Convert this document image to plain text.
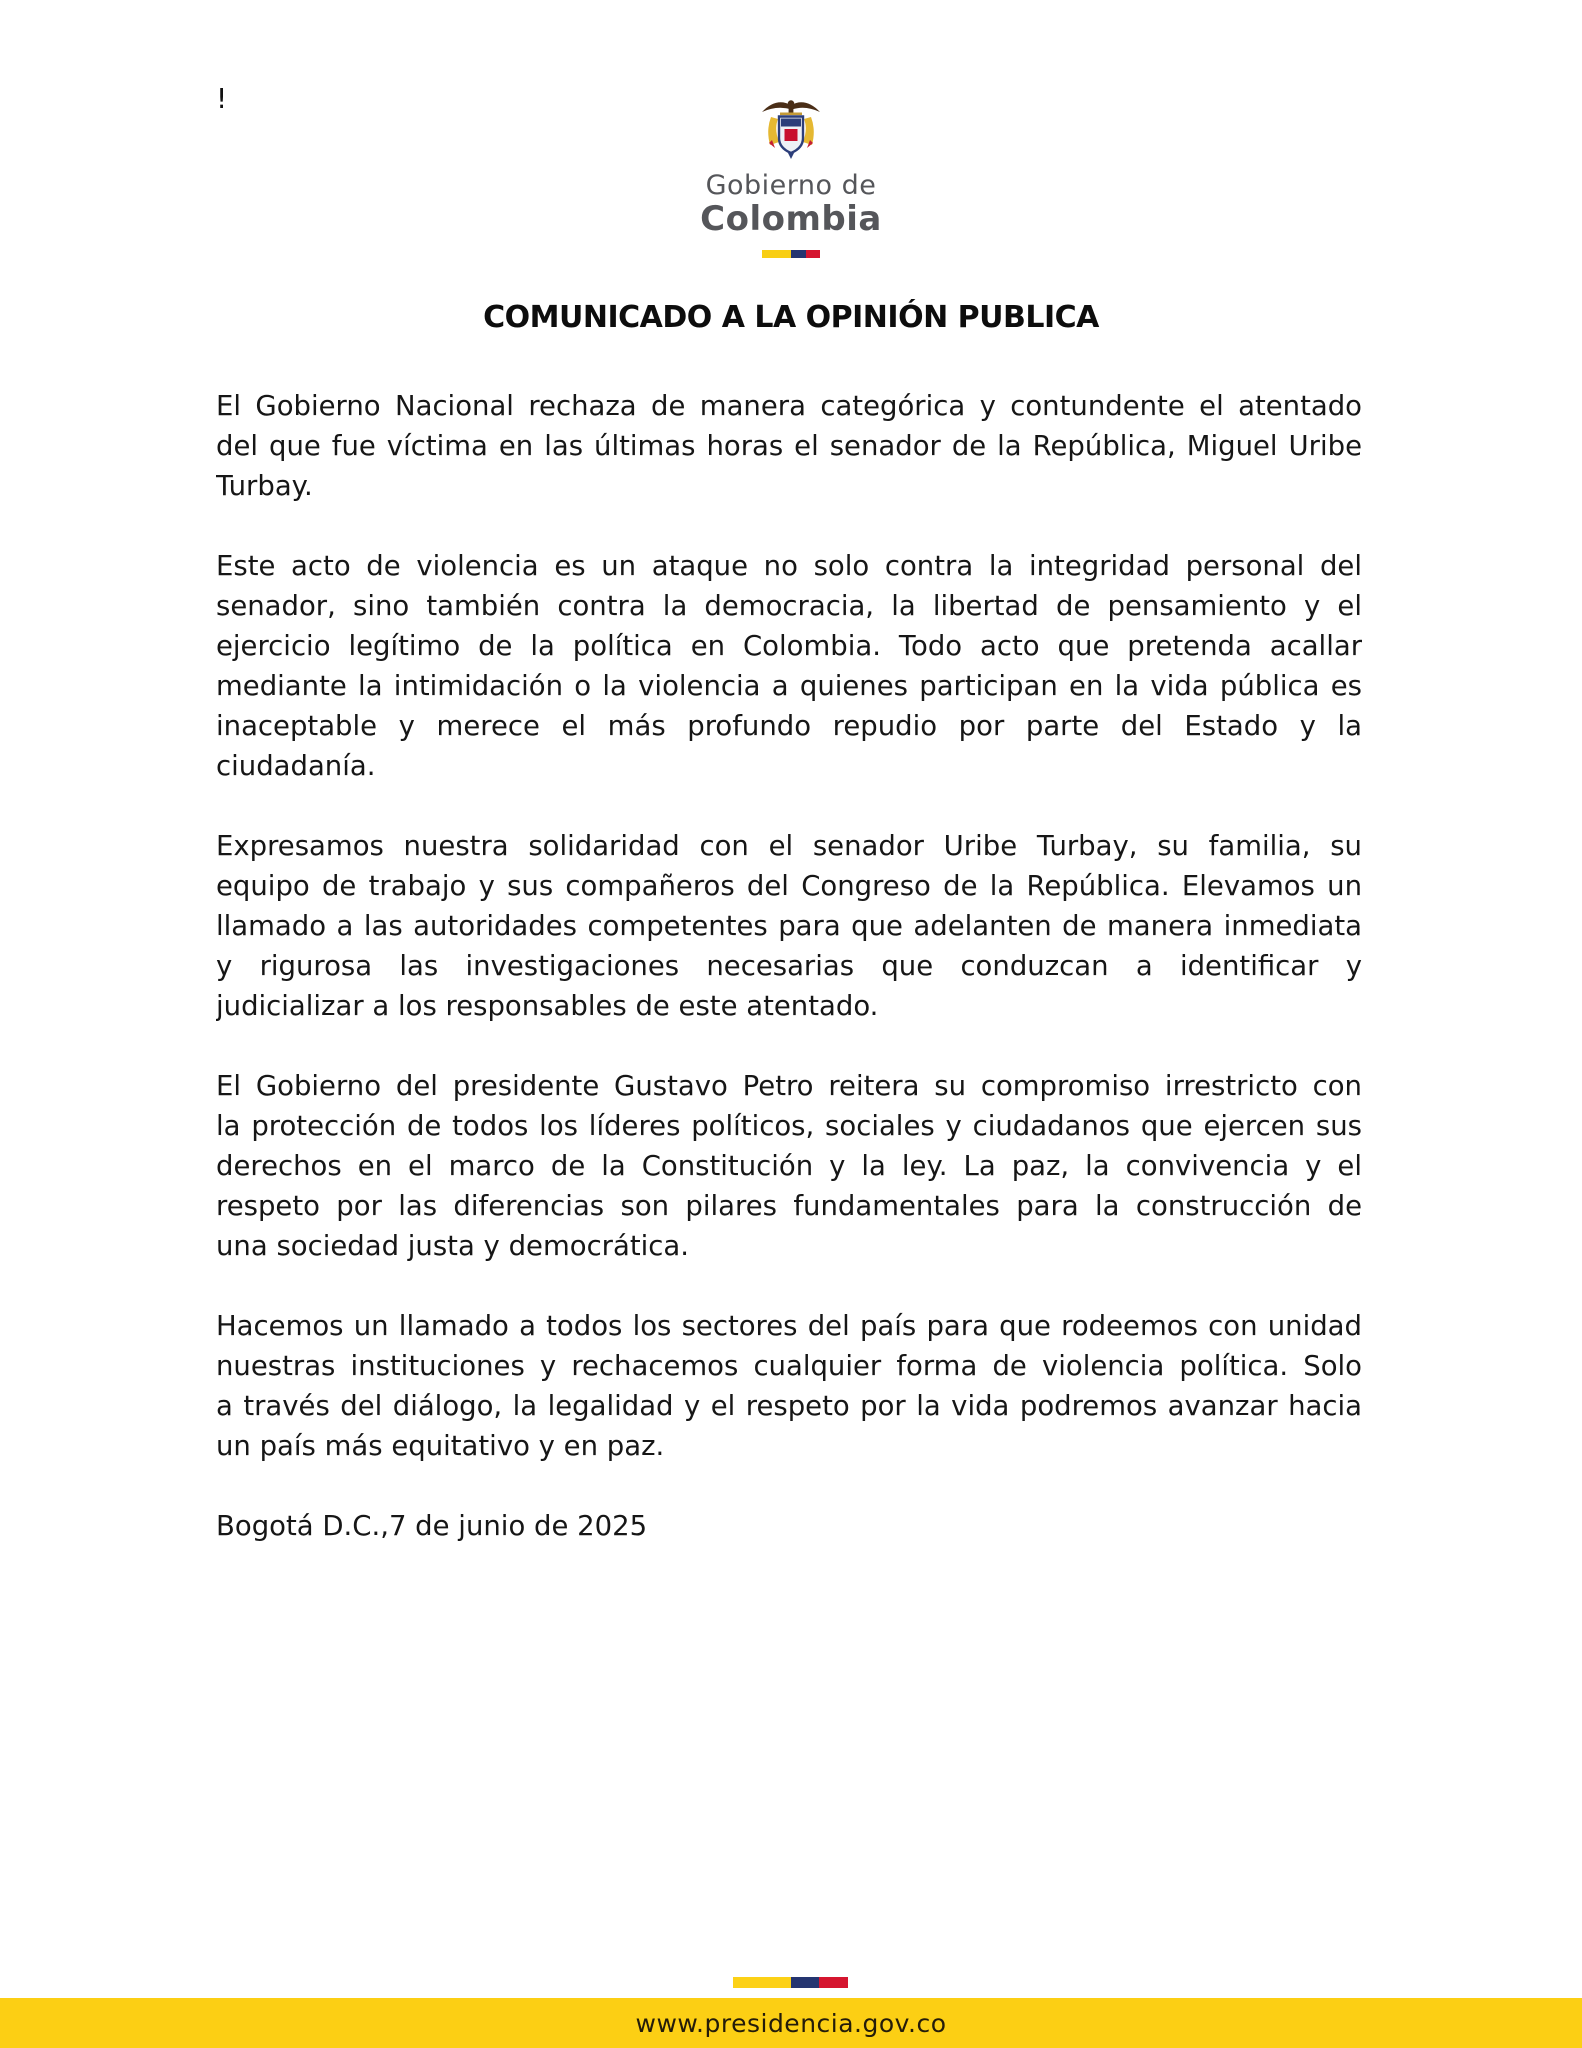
!
Gobierno de
Colombia
COMUNICADO A LA OPINIÓN PUBLICA
El Gobierno Nacional rechaza de manera categórica y contundente el atentado
del que fue víctima en las últimas horas el senador de la República, Miguel Uribe
Turbay.
Este acto de violencia es un ataque no solo contra la integridad personal del
senador, sino también contra la democracia, la libertad de pensamiento y el
ejercicio legítimo de la política en Colombia. Todo acto que pretenda acallar
mediante la intimidación o la violencia a quienes participan en la vida pública es
inaceptable y merece el más profundo repudio por parte del Estado y la
ciudadanía.
Expresamos nuestra solidaridad con el senador Uribe Turbay, su familia, su
equipo de trabajo y sus compañeros del Congreso de la República. Elevamos un
llamado a las autoridades competentes para que adelanten de manera inmediata
y rigurosa las investigaciones necesarias que conduzcan a identificar y
judicializar a los responsables de este atentado.
El Gobierno del presidente Gustavo Petro reitera su compromiso irrestricto con
la protección de todos los líderes políticos, sociales y ciudadanos que ejercen sus
derechos en el marco de la Constitución y la ley. La paz, la convivencia y el
respeto por las diferencias son pilares fundamentales para la construcción de
una sociedad justa y democrática.
Hacemos un llamado a todos los sectores del país para que rodeemos con unidad
nuestras instituciones y rechacemos cualquier forma de violencia política. Solo
a través del diálogo, la legalidad y el respeto por la vida podremos avanzar hacia
un país más equitativo y en paz.
Bogotá D.C.,7 de junio de 2025
www.presidencia.gov.co
